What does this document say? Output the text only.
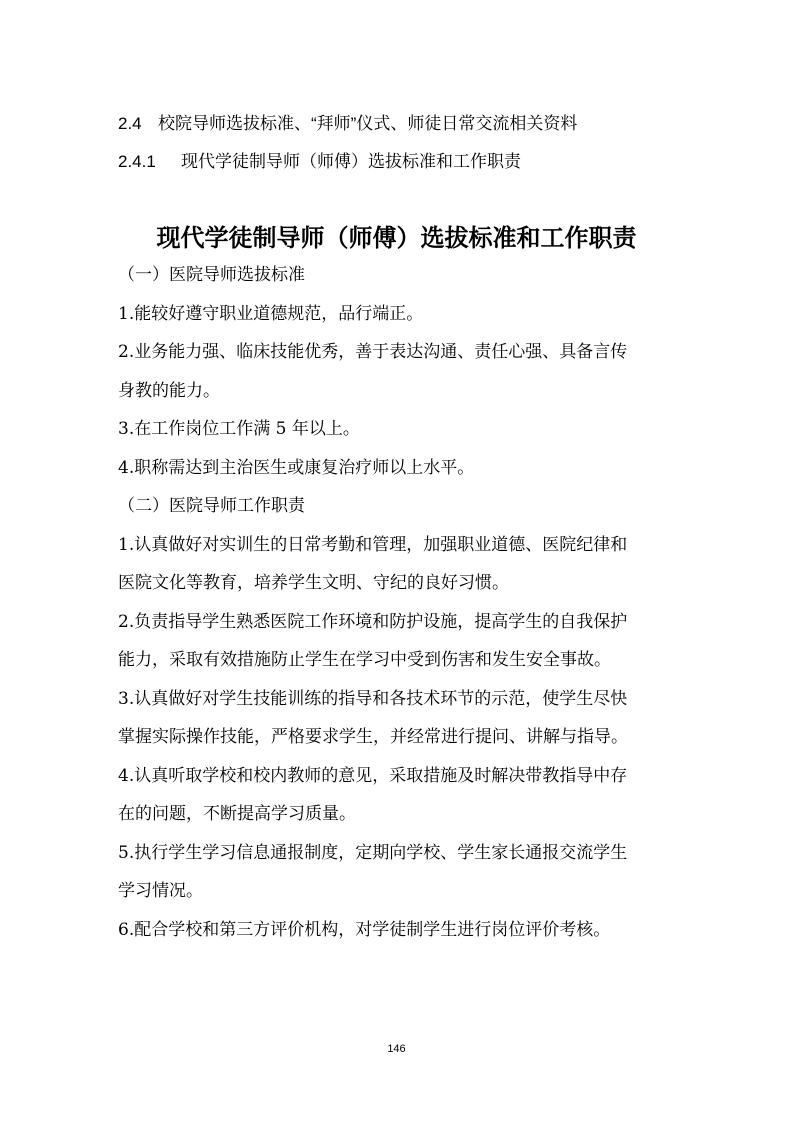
2.4 校院导师选拔标准、“拜师”仪式、师徒日常交流相关资料
2.4.1 现代学徒制导师（师傅）选拔标准和工作职责
现代学徒制导师（师傅）选拔标准和工作职责

（一）医院导师选拔标准

1.能较好遵守职业道德规范，品行端正。

2.业务能力强、临床技能优秀，善于表达沟通、责任心强、具备言传

身教的能力。

3.在工作岗位工作满 5 年以上。

4.职称需达到主治医生或康复治疗师以上水平。

（二）医院导师工作职责

1.认真做好对实训生的日常考勤和管理，加强职业道德、医院纪律和

医院文化等教育，培养学生文明、守纪的良好习惯。

2.负责指导学生熟悉医院工作环境和防护设施，提高学生的自我保护

能力，采取有效措施防止学生在学习中受到伤害和发生安全事故。

3.认真做好对学生技能训练的指导和各技术环节的示范，使学生尽快

掌握实际操作技能，严格要求学生，并经常进行提问、讲解与指导。

4.认真听取学校和校内教师的意见，采取措施及时解决带教指导中存

在的问题，不断提高学习质量。

5.执行学生学习信息通报制度，定期向学校、学生家长通报交流学生

学习情况。

6.配合学校和第三方评价机构，对学徒制学生进行岗位评价考核。

146
